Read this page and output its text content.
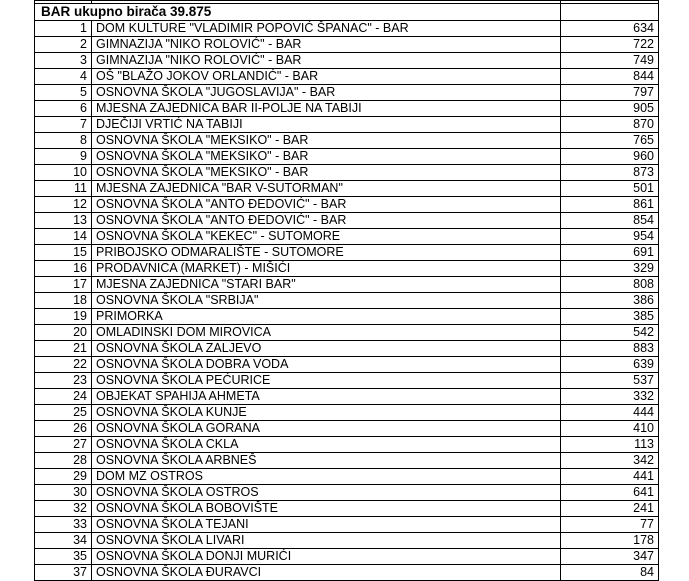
BAR ukupno birača 39.875		
1	DOM KULTURE "VLADIMIR POPOVIĆ ŠPANAC" - BAR	634
2	GIMNAZIJA "NIKO ROLOVIĆ" - BAR	722
3	GIMNAZIJA "NIKO ROLOVIĆ" - BAR	749
4	OŠ "BLAŽO JOKOV ORLANDIĆ" - BAR	844
5	OSNOVNA ŠKOLA "JUGOSLAVIJA" - BAR	797
6	MJESNA ZAJEDNICA BAR II-POLJE NA TABIJI	905
7	DJEČIJI VRTIĆ NA TABIJI	870
8	OSNOVNA ŠKOLA "MEKSIKO" - BAR	765
9	OSNOVNA ŠKOLA "MEKSIKO" - BAR	960
10	OSNOVNA ŠKOLA "MEKSIKO" - BAR	873
11	MJESNA ZAJEDNICA "BAR V-SUTORMAN"	501
12	OSNOVNA ŠKOLA "ANTO ĐEDOVIĆ" - BAR	861
13	OSNOVNA ŠKOLA "ANTO ĐEDOVIĆ" - BAR	854
14	OSNOVNA ŠKOLA "KEKEC" - SUTOMORE	954
15	PRIBOJSKO ODMARALIŠTE - SUTOMORE	691
16	PRODAVNICA (MARKET) - MIŠIĆI	329
17	MJESNA ZAJEDNICA "STARI BAR"	808
18	OSNOVNA ŠKOLA "SRBIJA"	386
19	PRIMORKA	385
20	OMLADINSKI DOM MIROVICA	542
21	OSNOVNA ŠKOLA ZALJEVO	883
22	OSNOVNA ŠKOLA DOBRA VODA	639
23	OSNOVNA ŠKOLA PEĆURICE	537
24	OBJEKAT SPAHIJA AHMETA	332
25	OSNOVNA ŠKOLA KUNJE	444
26	OSNOVNA ŠKOLA GORANA	410
27	OSNOVNA ŠKOLA CKLA	113
28	OSNOVNA ŠKOLA ARBNEŠ	342
29	DOM MZ OSTROS	441
30	OSNOVNA ŠKOLA OSTROS	641
32	OSNOVNA ŠKOLA BOBOVIŠTE	241
33	OSNOVNA ŠKOLA TEJANI	77
34	OSNOVNA ŠKOLA LIVARI	178
35	OSNOVNA ŠKOLA DONJI MURIĆI	347
37	OSNOVNA ŠKOLA ĐURAVCI	84
